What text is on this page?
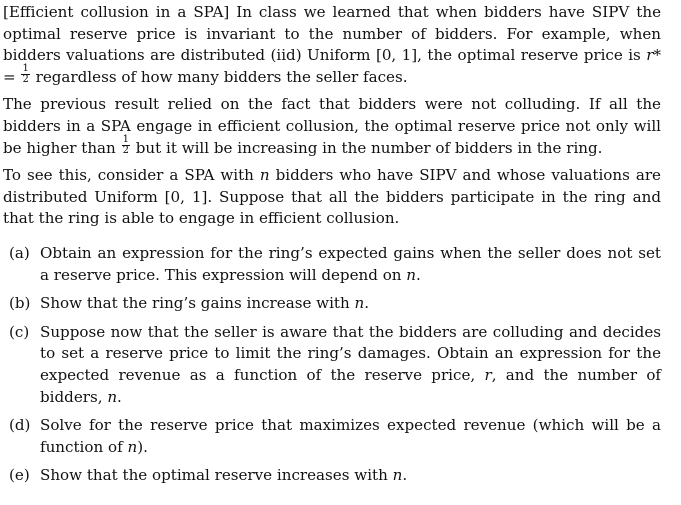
[Efficient collusion in a SPA] In class we learned that when bidders have SIPV the optimal reserve price is invariant to the number of bidders. For example, when bidders valuations are distributed (iid) Uniform [0, 1], the optimal reserve price is $r* = \frac{1}{2}$ regardless of how many bidders the seller faces.

The previous result relied on the fact that bidders were not colluding. If all the bidders in a SPA engage in efficient collusion, the optimal reserve price not only will be higher than $\frac{1}{2}$ but it will be increasing in the number of bidders in the ring.

To see this, consider a SPA with n bidders who have SIPV and whose valuations are distributed Uniform [0, 1]. Suppose that all the bidders participate in the ring and that the ring is able to engage in efficient collusion.

(a) Obtain an expression for the ring’s expected gains when the seller does not set a reserve price. This expression will depend on n.
(b) Show that the ring’s gains increase with n.
(c) Suppose now that the seller is aware that the bidders are colluding and decides to set a reserve price to limit the ring’s damages. Obtain an expression for the expected revenue as a function of the reserve price, r, and the number of bidders, n.
(d) Solve for the reserve price that maximizes expected revenue (which will be a function of n).
(e) Show that the optimal reserve increases with n.
